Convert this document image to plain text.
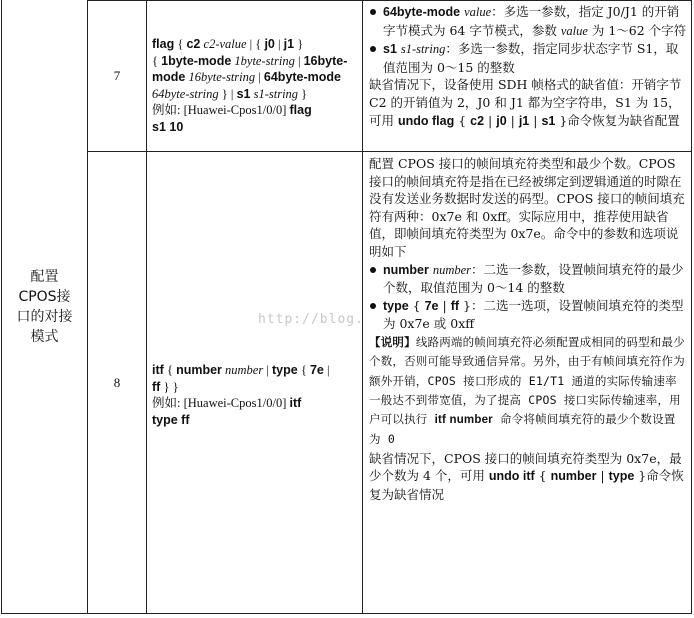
配置CPOS接口的对接模式
7
flag { c2 c2-value | { j0 | j1 }
{ 1byte-mode 1byte-string | 16byte-mode 16byte-string | 64byte-mode 64byte-string } | s1 s1-string }
例如: [Huawei-Cpos1/0/0] flag
s1 10

64byte-mode value：多选一参数，指定 J0/J1 的开销字节模式为 64 字节模式，参数 value 为 1～62 个字符

s1 s1-string：多选一参数，指定同步状态字节 S1，取值范围为 0～15 的整数

缺省情况下，设备使用 SDH 帧格式的缺省值：开销字节 C2 的开销值为 2，J0 和 J1 都为空字符串，S1 为 15，可用 undo flag { c2 | j0 | j1 | s1 }命令恢复为缺省配置

8
itf { number number | type { 7e |
ff } }
例如: [Huawei-Cpos1/0/0] itf
type ff

配置 CPOS 接口的帧间填充符类型和最少个数。CPOS 接口的帧间填充符是指在已经被绑定到逻辑通道的时隙在没有发送业务数据时发送的码型。CPOS 接口的帧间填充符有两种：0x7e 和 0xff。实际应用中，推荐使用缺省值，即帧间填充符类型为 0x7e。命令中的参数和选项说明如下

number number：二选一参数，设置帧间填充符的最少个数，取值范围为 0～14 的整数

type { 7e | ff }：二选一选项，设置帧间填充符的类型为 0x7e 或 0xff

【说明】线路两端的帧间填充符必须配置成相同的码型和最少个数，否则可能导致通信异常。另外，由于有帧间填充符作为额外开销，CPOS 接口形成的 E1/T1 通道的实际传输速率一般达不到带宽值，为了提高 CPOS 接口实际传输速率，用户可以执行 itf number 命令将帧间填充符的最少个数设置为 0

缺省情况下，CPOS 接口的帧间填充符类型为 0x7e，最少个数为 4 个，可用 undo itf { number | type }命令恢复为缺省情况

http://blog.
